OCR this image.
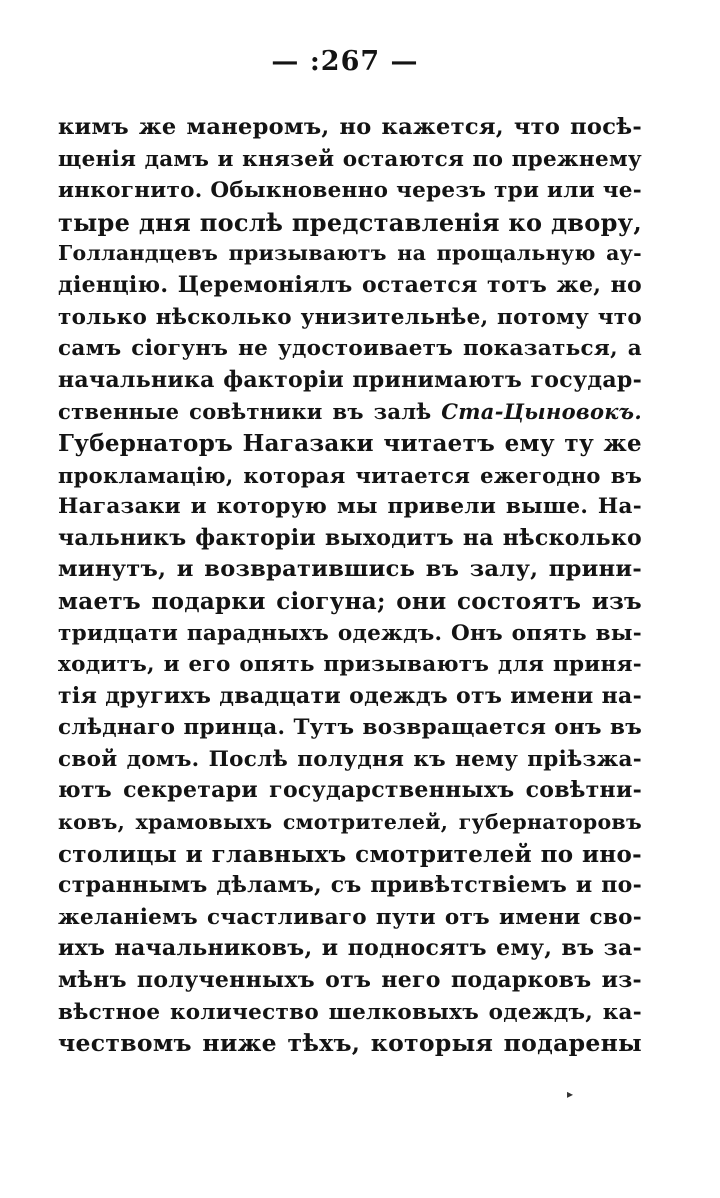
— :267 —
кимъ же манеромъ, но кажется, что посѣ-
щенія дамъ и князей остаются по прежнему
инкогнито. Обыкновенно черезъ три или че-
тыре дня послѣ представленія ко двору,
Голландцевъ призываютъ на прощальную ау-
діенцію. Церемоніялъ остается тотъ же, но
только нѣсколько унизительнѣе, потому что
самъ сіогунъ не удостоиваетъ показаться, а
начальника факторіи принимаютъ государ-
ственные совѣтники въ залѣ Ста-Цыновокъ.
Губернаторъ Нагазаки читаетъ ему ту же
прокламацію, которая читается ежегодно въ
Нагазаки и которую мы привели выше. На-
чальникъ факторіи выходитъ на нѣсколько
минутъ, и возвратившись въ залу, прини-
маетъ подарки сіогуна; они состоятъ изъ
тридцати парадныхъ одеждъ. Онъ опять вы-
ходитъ, и его опять призываютъ для приня-
тія другихъ двадцати одеждъ отъ имени на-
слѣднаго принца. Тутъ возвращается онъ въ
свой домъ. Послѣ полудня къ нему пріѣзжа-
ютъ секретари государственныхъ совѣтни-
ковъ, храмовыхъ смотрителей, губернаторовъ
столицы и главныхъ смотрителей по ино-
страннымъ дѣламъ, съ привѣтствіемъ и по-
желаніемъ счастливаго пути отъ имени сво-
ихъ начальниковъ, и подносятъ ему, въ за-
мѣнъ полученныхъ отъ него подарковъ из-
вѣстное количество шелковыхъ одеждъ, ка-
чествомъ ниже тѣхъ, которыя подарены
▸
